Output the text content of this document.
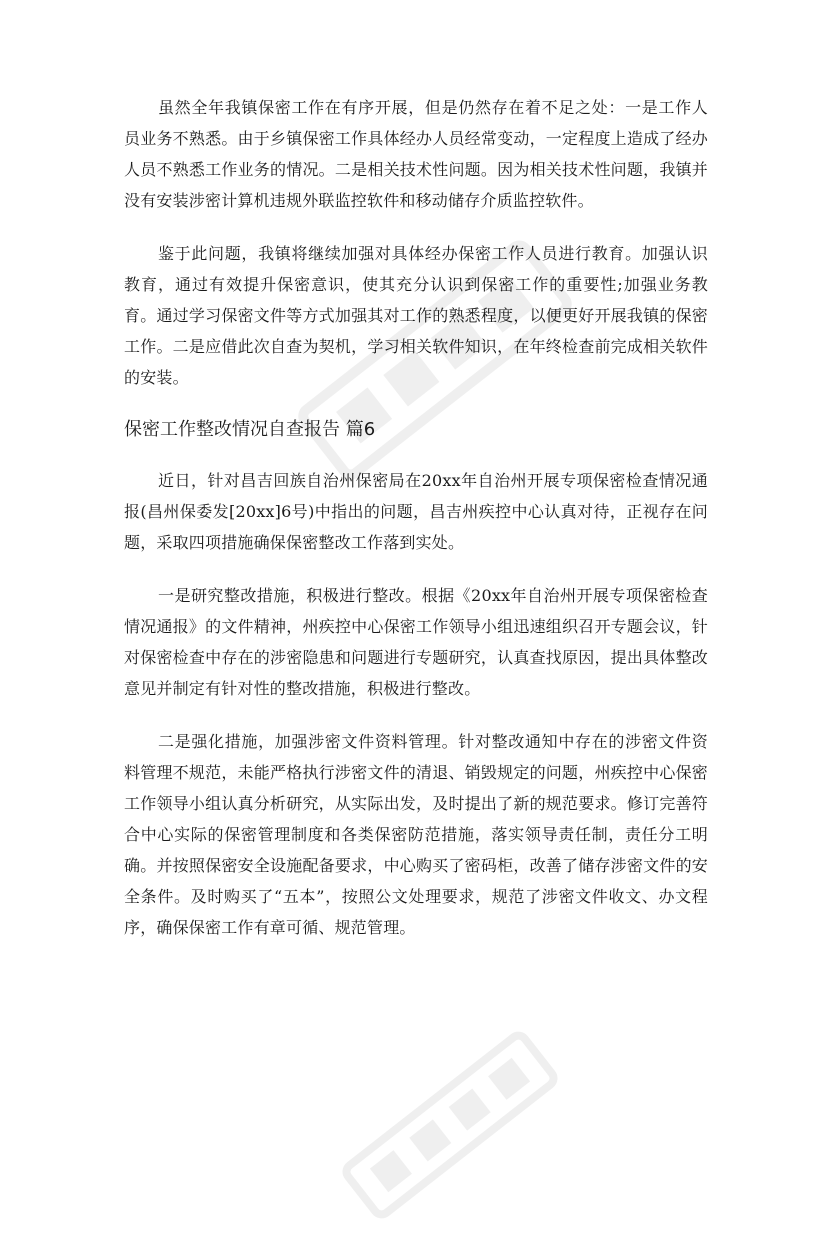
虽然全年我镇保密工作在有序开展，但是仍然存在着不足之处：一是工作人员业务不熟悉。由于乡镇保密工作具体经办人员经常变动，一定程度上造成了经办人员不熟悉工作业务的情况。二是相关技术性问题。因为相关技术性问题，我镇并没有安装涉密计算机违规外联监控软件和移动储存介质监控软件。

鉴于此问题，我镇将继续加强对具体经办保密工作人员进行教育。加强认识教育，通过有效提升保密意识，使其充分认识到保密工作的重要性;加强业务教育。通过学习保密文件等方式加强其对工作的熟悉程度，以便更好开展我镇的保密工作。二是应借此次自查为契机，学习相关软件知识，在年终检查前完成相关软件的安装。

保密工作整改情况自查报告 篇6

近日，针对昌吉回族自治州保密局在20xx年自治州开展专项保密检查情况通报(昌州保委发[20xx]6号)中指出的问题，昌吉州疾控中心认真对待，正视存在问题，采取四项措施确保保密整改工作落到实处。

一是研究整改措施，积极进行整改。根据《20xx年自治州开展专项保密检查情况通报》的文件精神，州疾控中心保密工作领导小组迅速组织召开专题会议，针对保密检查中存在的涉密隐患和问题进行专题研究，认真查找原因，提出具体整改意见并制定有针对性的整改措施，积极进行整改。

二是强化措施，加强涉密文件资料管理。针对整改通知中存在的涉密文件资料管理不规范，未能严格执行涉密文件的清退、销毁规定的问题，州疾控中心保密工作领导小组认真分析研究，从实际出发，及时提出了新的规范要求。修订完善符合中心实际的保密管理制度和各类保密防范措施，落实领导责任制，责任分工明确。并按照保密安全设施配备要求，中心购买了密码柜，改善了储存涉密文件的安全条件。及时购买了“五本”，按照公文处理要求，规范了涉密文件收文、办文程序，确保保密工作有章可循、规范管理。
